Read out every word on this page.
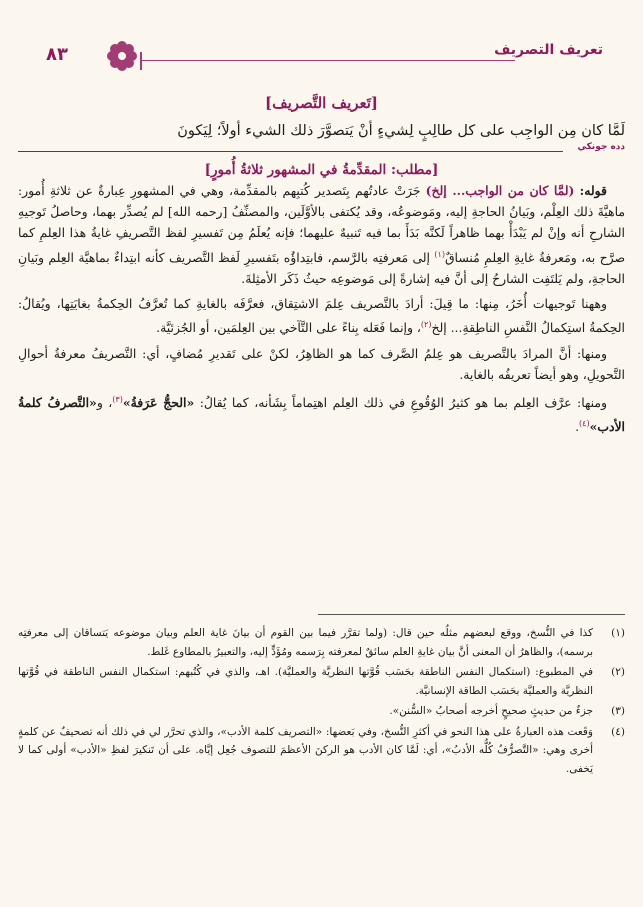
تعريف التصريف
٨٣
[تَعريف التَّصريف]
لَمَّا كان مِن الواجِب على كل طالِبٍ لِشيءٍ أنْ يَتصوَّرَ ذلك الشيء أولاً؛ لِيَكونَ
دده جونكي
[مطلب: المقدِّمةُ في المشهور ثلاثةُ أُمورٍ]

قوله: (لمَّا كان من الواجب... إلخ) جَرَتْ عادتُهم بِتَصدير كُتبِهم بالمقدِّمة، وهي في المشهورِ عِبارةٌ عن ثلاثةِ أُمور: ماهيَّةَ ذلك العِلْم، وبَيانُ الحاجةِ إليه، ومَوضوعُه، وقد يُكتفى بالأوَّلَين، والمصنِّفُ [رحمه الله] لم يُصدِّر بهما، وحاصلُ تَوجيهِ الشارحِ أنه وإنْ لم يَبْدَأْ بهما ظاهراً لَكنَّه بَدَأَ بما فيه تَنبيهٌ عليهما؛ فإنه يُعلَمُ مِن تَفسيرِ لفظ التَّصريفِ غايةُ هذا العِلمِ كما صرَّح به، ومَعرفةُ غايةِ العِلمِ مُنساقٌ$^{(١)}$ إلى مَعرفتِه بالرَّسم، فابتِداؤُه بتَفسيرِ لَفظ التَّصريف كأنه ابتِداءٌ بماهيَّة العِلم وبَيانِ الحاجةِ، ولم يَلتَفِت الشارحُ إلى أنَّ فيه إشارةً إلى مَوضوعِه حيثُ ذَكَر الأمثِلةَ.

وههنا تَوجيهات أُخَرُ، مِنها: ما قِيلَ: أرادَ بالتَّصريف عِلمَ الاشتِقاق، فعرَّفَه بالغايةِ كما تُعرَّفُ الحِكمةُ بغايَتِها، ويُقالُ: الحِكمةُ استِكمالُ النَّفسِ الناطِقةِ... إلخ$^{(٢)}$، وإنما فَعَله بِناءً على التَّآخي بين العِلمَين، أو الجُزئيَّة.

ومنها: أنَّ المرادَ بالتَّصريف هو عِلمُ الصَّرف كما هو الظاهِرُ، لكنْ على تَقديرِ مُضافٍ، أي: التَّصريفُ معرفةُ أحوالِ التَّحويلِ، وهو أيضاً تعريفُه بالغاية.

ومنها: عرَّف العِلم بما هو كثيرُ الوُقُوعِ في ذلك العِلم اهتِماماً بِشَأنه، كما يُقالُ: «الحجُّ عَرَفةُ»$^{(٣)}$، و«التَّصرفُ كلمةُ الأدب»$^{(٤)}$.

(١)
كذا في النُّسخ، ووقع لبعضهم مثلُه حين قال: (ولما تقرَّر فيما بين القوم أن بيانَ غاية العلم وبيان موضوعه يَتساقان إلى معرفتِه برسمه)، والظاهرُ أن المعنى أنَّ بيان غايةِ العلم سائقٌ لمعرفته بِرَسمه ومُؤَدٍّ إليه، والتعبيرُ بالمطاوع غَلط.
(٢)
في المطبوع: (استكمال النفس الناطقة بحَسَب قُوَّتها النظريَّة والعمليَّة). اهـ، والذي في كُتُبهم: استكمال النفس الناطقة في قُوَّتها النظريَّة والعمليَّة بحَسَب الطاقة الإنسانيَّة.
(٣)
جزءٌ من حديثٍ صحيحٍ أخرجه أصحابُ «السُّنن».
(٤)
وَقَعت هذه العبارةُ على هذا النحو في أكثرِ النُّسخ، وفي بَعضها: «التصريف كلمة الأدب»، والذي تحرَّر لي في ذلك أنه تصحيفٌ عن كلمةٍ أخرى وهي: «التَّصرُّفُ كُلُّه الأدبُ»، أي: لَمَّا كان الأدب هو الركنَ الأعظمَ للتصوف جُعِل إيَّاه. على أن تَنكيرَ لفظِ «الأدب» أولى كما لا يَخفى.
